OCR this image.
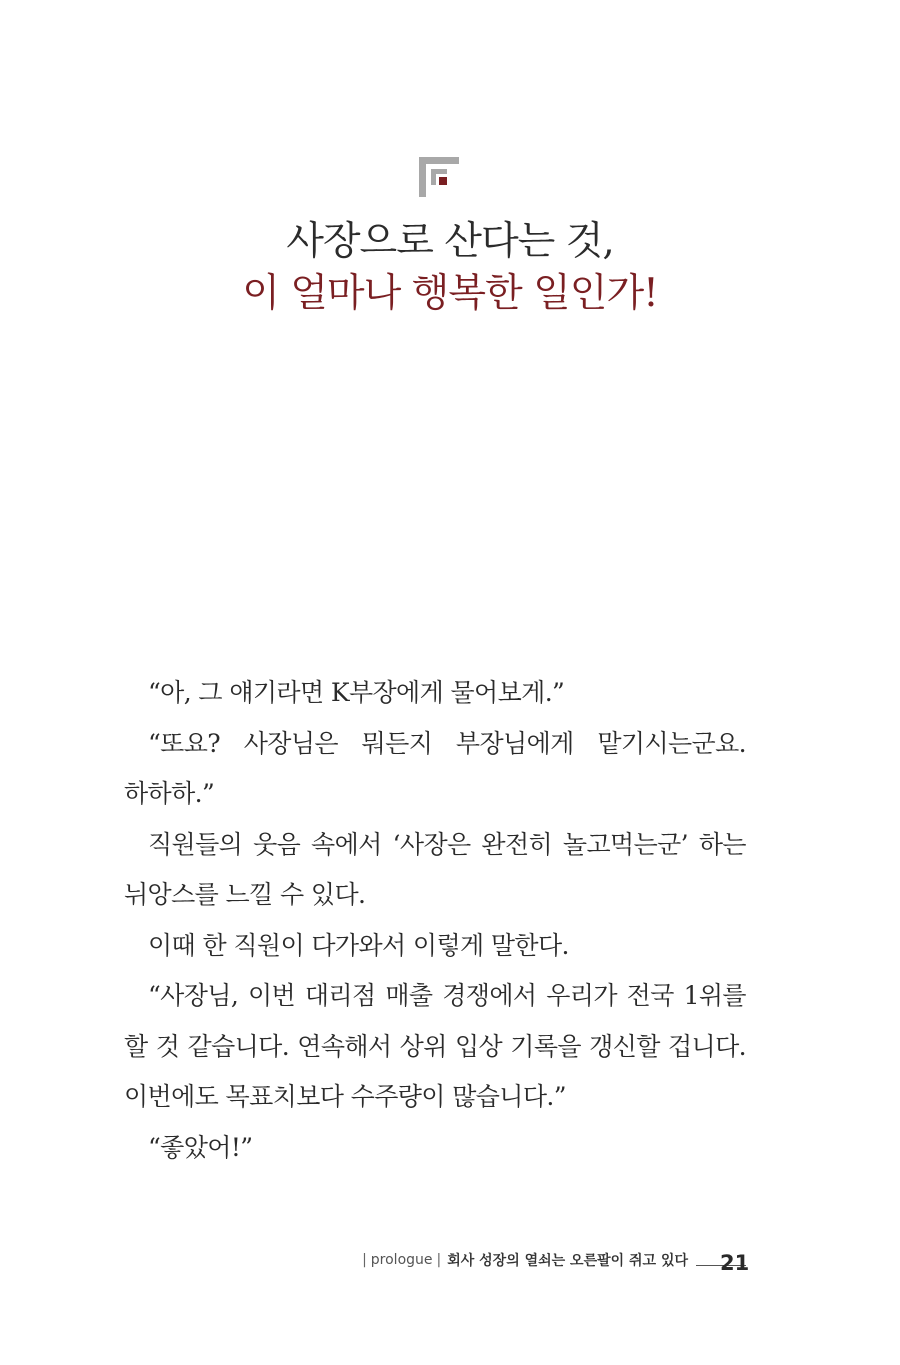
사장으로 산다는 것,
이 얼마나 행복한 일인가!

“아, 그 얘기라면 K부장에게 물어보게.”

“또요? 사장님은 뭐든지 부장님에게 맡기시는군요. 하하하.”

직원들의 웃음 속에서 ‘사장은 완전히 놀고먹는군’ 하는 뉘앙스를 느낄 수 있다.

이때 한 직원이 다가와서 이렇게 말한다.

“사장님, 이번 대리점 매출 경쟁에서 우리가 전국 1위를 할 것 같습니다. 연속해서 상위 입상 기록을 갱신할 겁니다. 이번에도 목표치보다 수주량이 많습니다.”

“좋았어!”

| prologue | 회사 성장의 열쇠는 오른팔이 쥐고 있다 21
